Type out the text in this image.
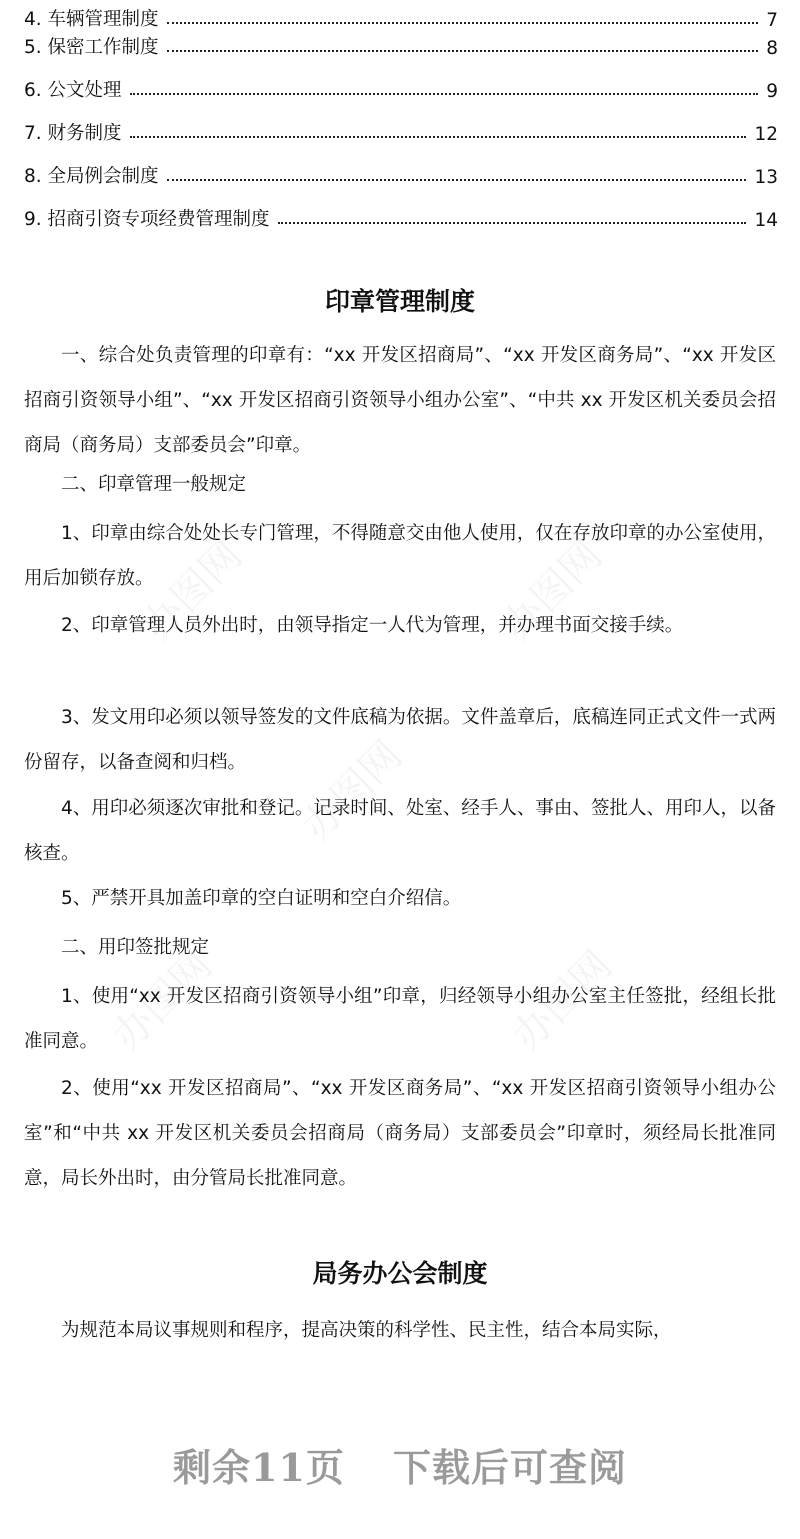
4. 车辆管理制度	7
5. 保密工作制度	8
6. 公文处理	9
7. 财务制度	12
8. 全局例会制度	13
9. 招商引资专项经费管理制度	14
印章管理制度
一、综合处负责管理的印章有：“xx 开发区招商局”、“xx 开发区商务局”、“xx 开发区招商引资领导小组”、“xx 开发区招商引资领导小组办公室”、“中共 xx 开发区机关委员会招商局（商务局）支部委员会”印章。
二、印章管理一般规定
1、印章由综合处处长专门管理，不得随意交由他人使用，仅在存放印章的办公室使用，用后加锁存放。
2、印章管理人员外出时，由领导指定一人代为管理，并办理书面交接手续。
3、发文用印必须以领导签发的文件底稿为依据。文件盖章后，底稿连同正式文件一式两份留存，以备查阅和归档。
4、用印必须逐次审批和登记。记录时间、处室、经手人、事由、签批人、用印人，以备核查。
5、严禁开具加盖印章的空白证明和空白介绍信。
二、用印签批规定
1、使用“xx 开发区招商引资领导小组”印章，归经领导小组办公室主任签批，经组长批准同意。
2、使用“xx 开发区招商局”、“xx 开发区商务局”、“xx 开发区招商引资领导小组办公室”和“中共 xx 开发区机关委员会招商局（商务局）支部委员会”印章时，须经局长批准同意，局长外出时，由分管局长批准同意。
局务办公会制度
为规范本局议事规则和程序，提高决策的科学性、民主性，结合本局实际，
剩余11页 下载后可查阅
